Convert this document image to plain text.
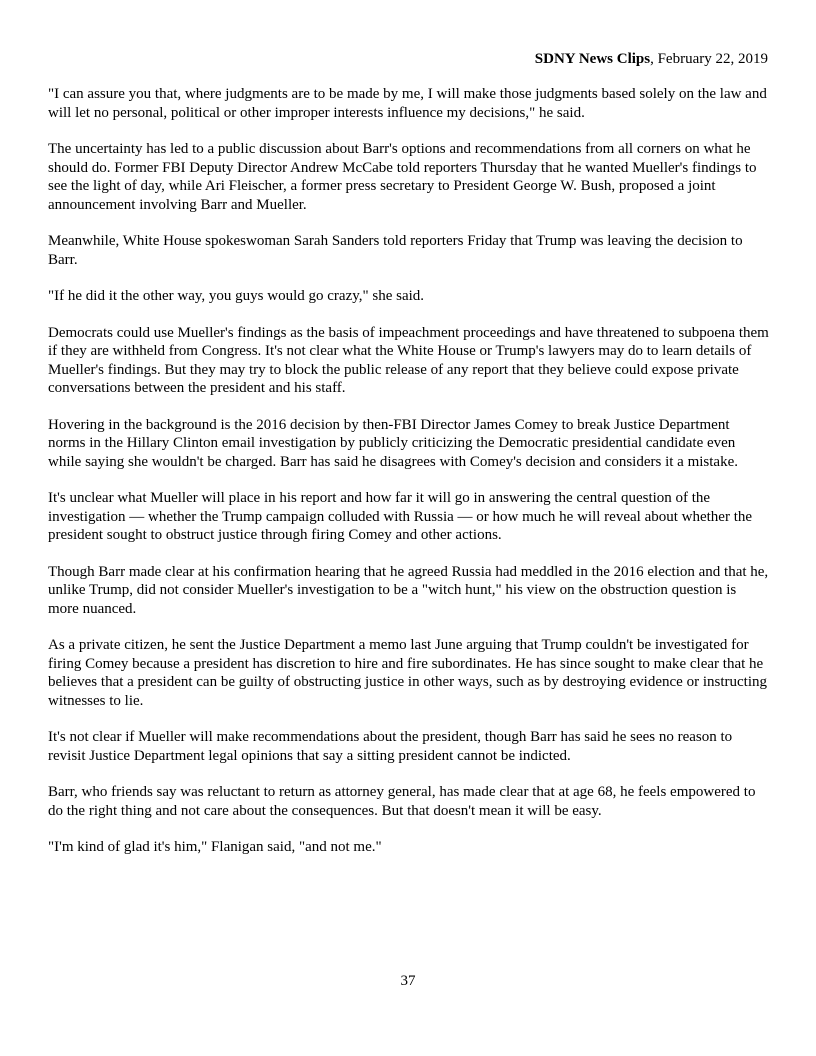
SDNY News Clips, February 22, 2019

"I can assure you that, where judgments are to be made by me, I will make those judgments based solely on the law and will let no personal, political or other improper interests influence my decisions," he said.

The uncertainty has led to a public discussion about Barr's options and recommendations from all corners on what he should do. Former FBI Deputy Director Andrew McCabe told reporters Thursday that he wanted Mueller's findings to see the light of day, while Ari Fleischer, a former press secretary to President George W. Bush, proposed a joint announcement involving Barr and Mueller.

Meanwhile, White House spokeswoman Sarah Sanders told reporters Friday that Trump was leaving the decision to Barr.

"If he did it the other way, you guys would go crazy," she said.

Democrats could use Mueller's findings as the basis of impeachment proceedings and have threatened to subpoena them if they are withheld from Congress. It's not clear what the White House or Trump's lawyers may do to learn details of Mueller's findings. But they may try to block the public release of any report that they believe could expose private conversations between the president and his staff.

Hovering in the background is the 2016 decision by then-FBI Director James Comey to break Justice Department norms in the Hillary Clinton email investigation by publicly criticizing the Democratic presidential candidate even while saying she wouldn't be charged. Barr has said he disagrees with Comey's decision and considers it a mistake.

It's unclear what Mueller will place in his report and how far it will go in answering the central question of the investigation — whether the Trump campaign colluded with Russia — or how much he will reveal about whether the president sought to obstruct justice through firing Comey and other actions.

Though Barr made clear at his confirmation hearing that he agreed Russia had meddled in the 2016 election and that he, unlike Trump, did not consider Mueller's investigation to be a "witch hunt," his view on the obstruction question is more nuanced.

As a private citizen, he sent the Justice Department a memo last June arguing that Trump couldn't be investigated for firing Comey because a president has discretion to hire and fire subordinates. He has since sought to make clear that he believes that a president can be guilty of obstructing justice in other ways, such as by destroying evidence or instructing witnesses to lie.

It's not clear if Mueller will make recommendations about the president, though Barr has said he sees no reason to revisit Justice Department legal opinions that say a sitting president cannot be indicted.

Barr, who friends say was reluctant to return as attorney general, has made clear that at age 68, he feels empowered to do the right thing and not care about the consequences. But that doesn't mean it will be easy.

"I'm kind of glad it's him," Flanigan said, "and not me."

37
